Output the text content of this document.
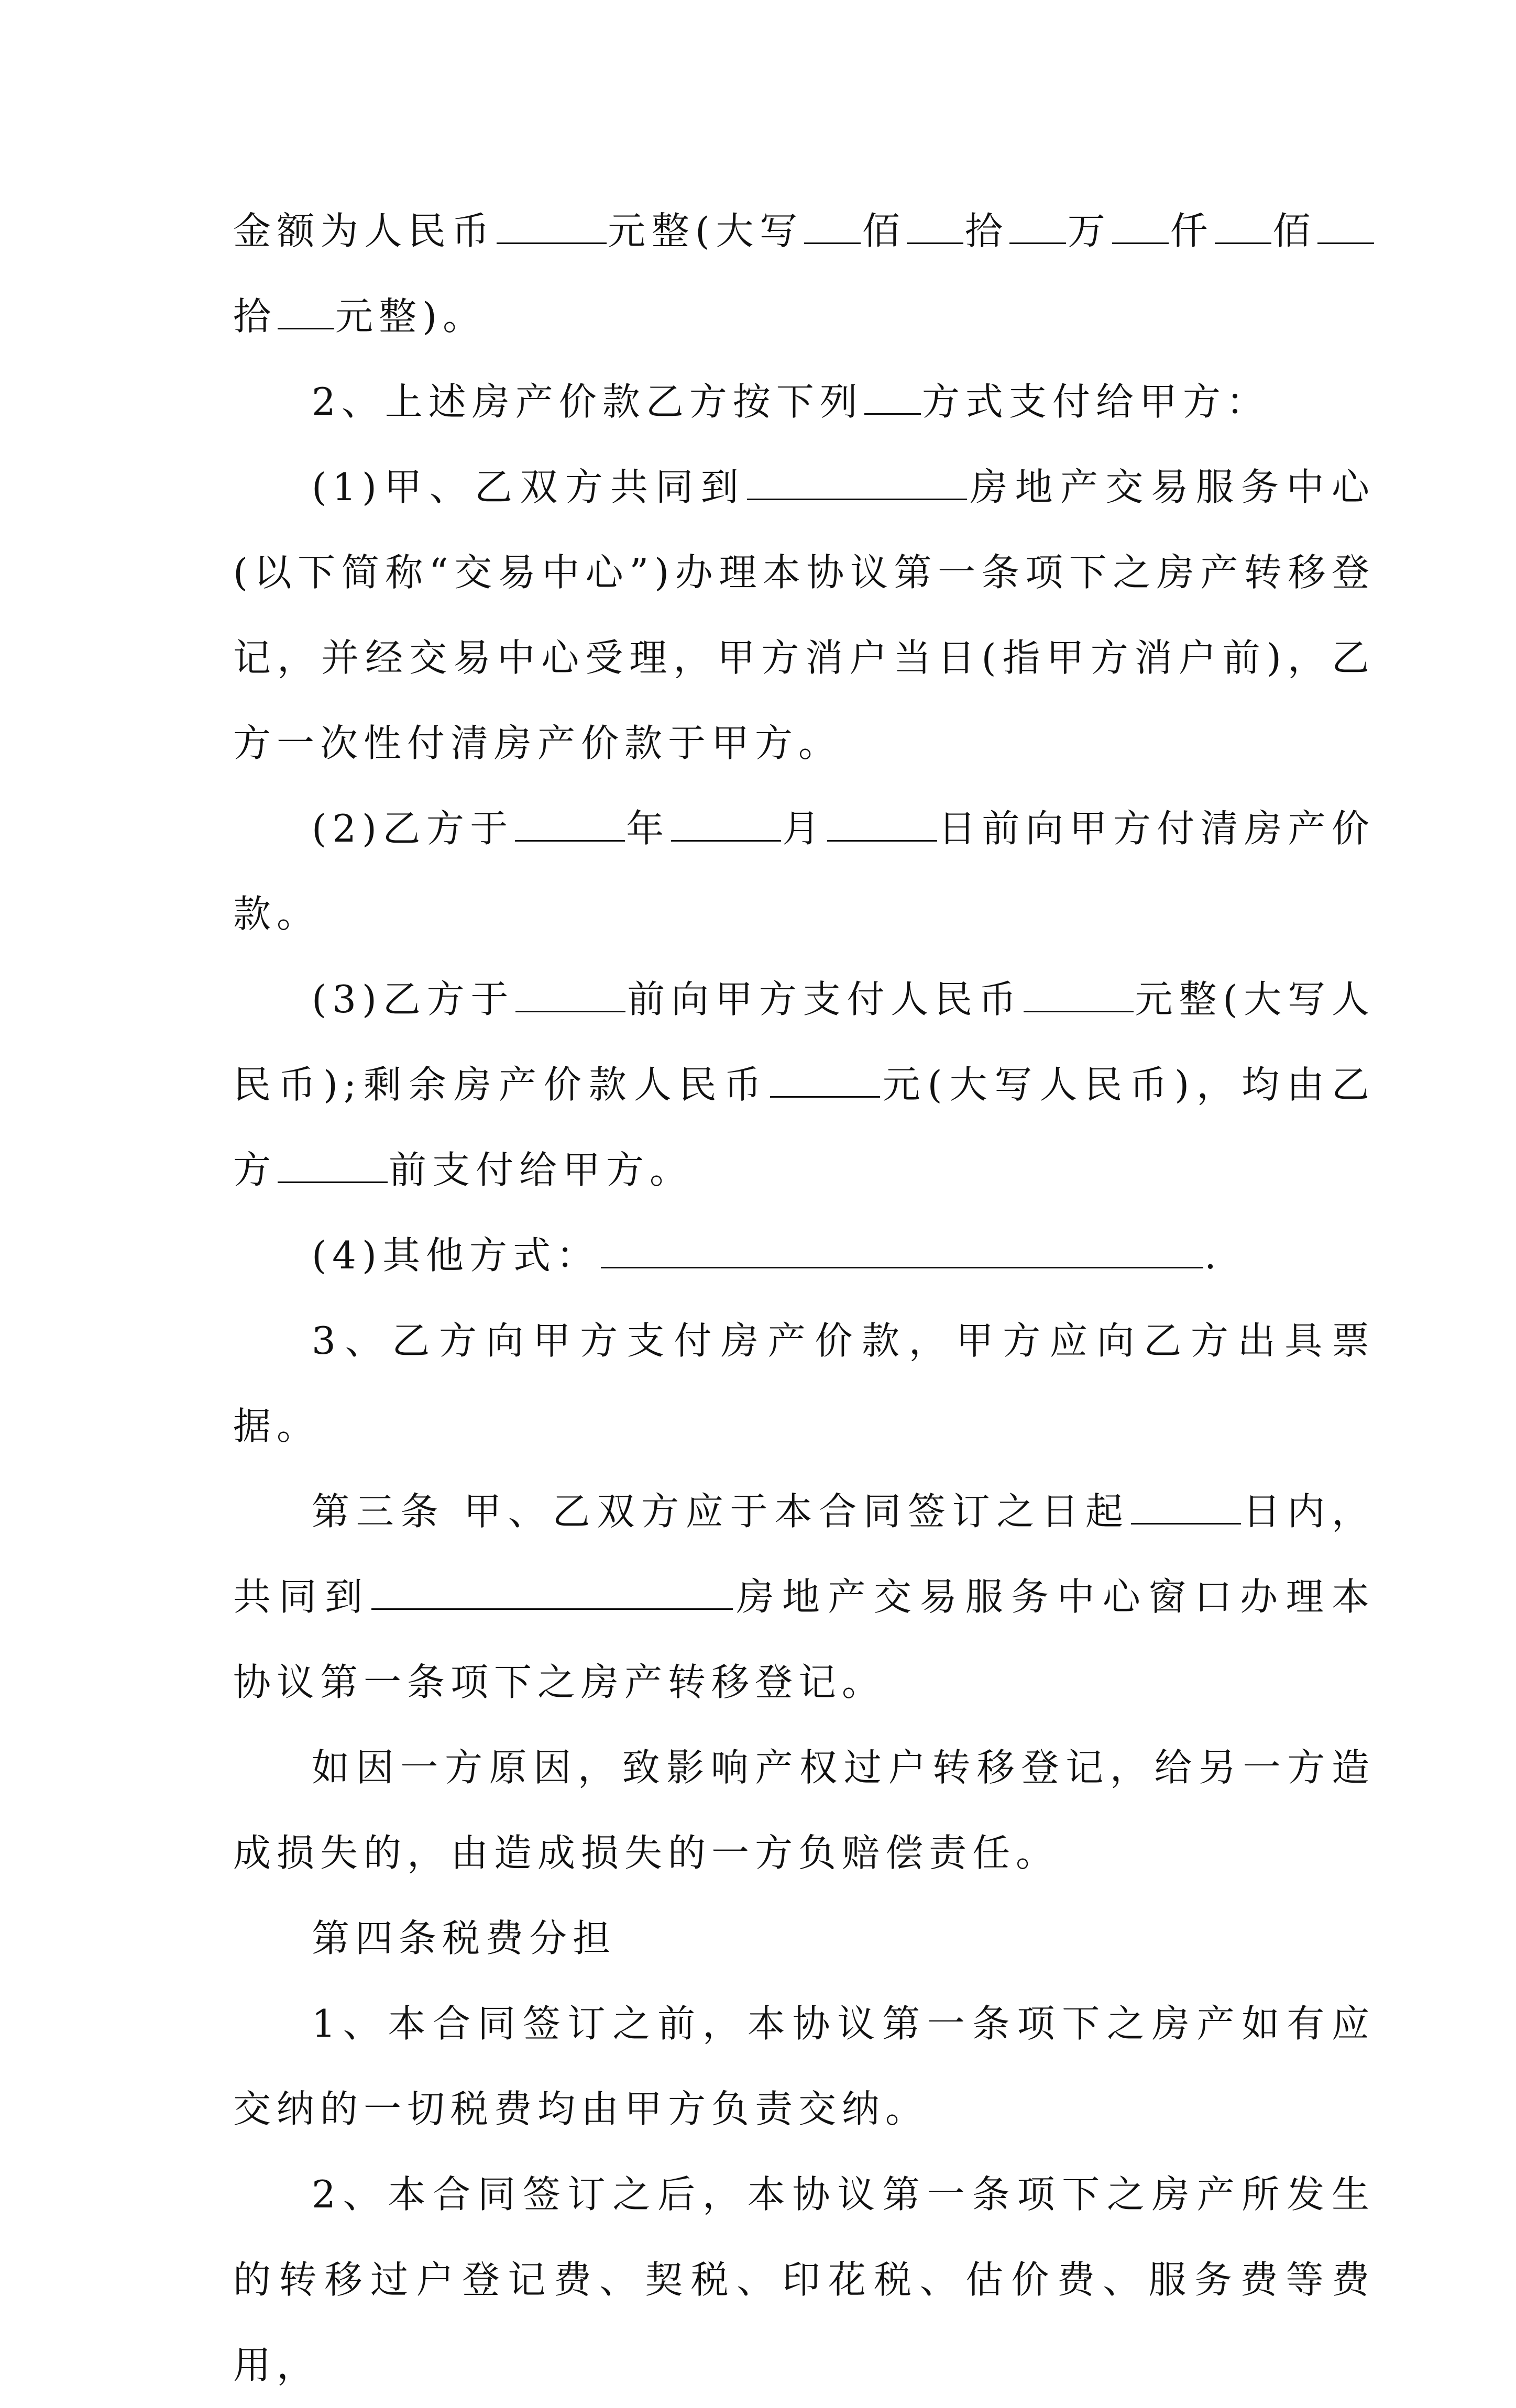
金额为人民币	元整(大写 佰 拾 万 仟 佰拾 元整)。

2、上述房产价款乙方按下列 方式支付给甲方：

(1)甲、乙双方共同到	房地产交易服务中心(以下简称“交易中心”)办理本协议第一条项下之房产转移登记，并经交易中心受理，甲方消户当日(指甲方消户前)，乙方一次性付清房产价款于甲方。

(2)乙方于	年	月	日前向甲方付清房产价款。

(3)乙方于	前向甲方支付人民币	元整(大写人民币);剩余房产价款人民币	元(大写人民币)，均由乙方	前支付给甲方。

(4)其他方式：	.

3、乙方向甲方支付房产价款，甲方应向乙方出具票据。

第三条 甲、乙双方应于本合同签订之日起	日内，共同到	房地产交易服务中心窗口办理本协议第一条项下之房产转移登记。

如因一方原因，致影响产权过户转移登记，给另一方造成损失的，由造成损失的一方负赔偿责任。

第四条税费分担

1、本合同签订之前，本协议第一条项下之房产如有应交纳的一切税费均由甲方负责交纳。

2、本合同签订之后，本协议第一条项下之房产所发生的转移过户登记费、契税、印花税、估价费、服务费等费用，
